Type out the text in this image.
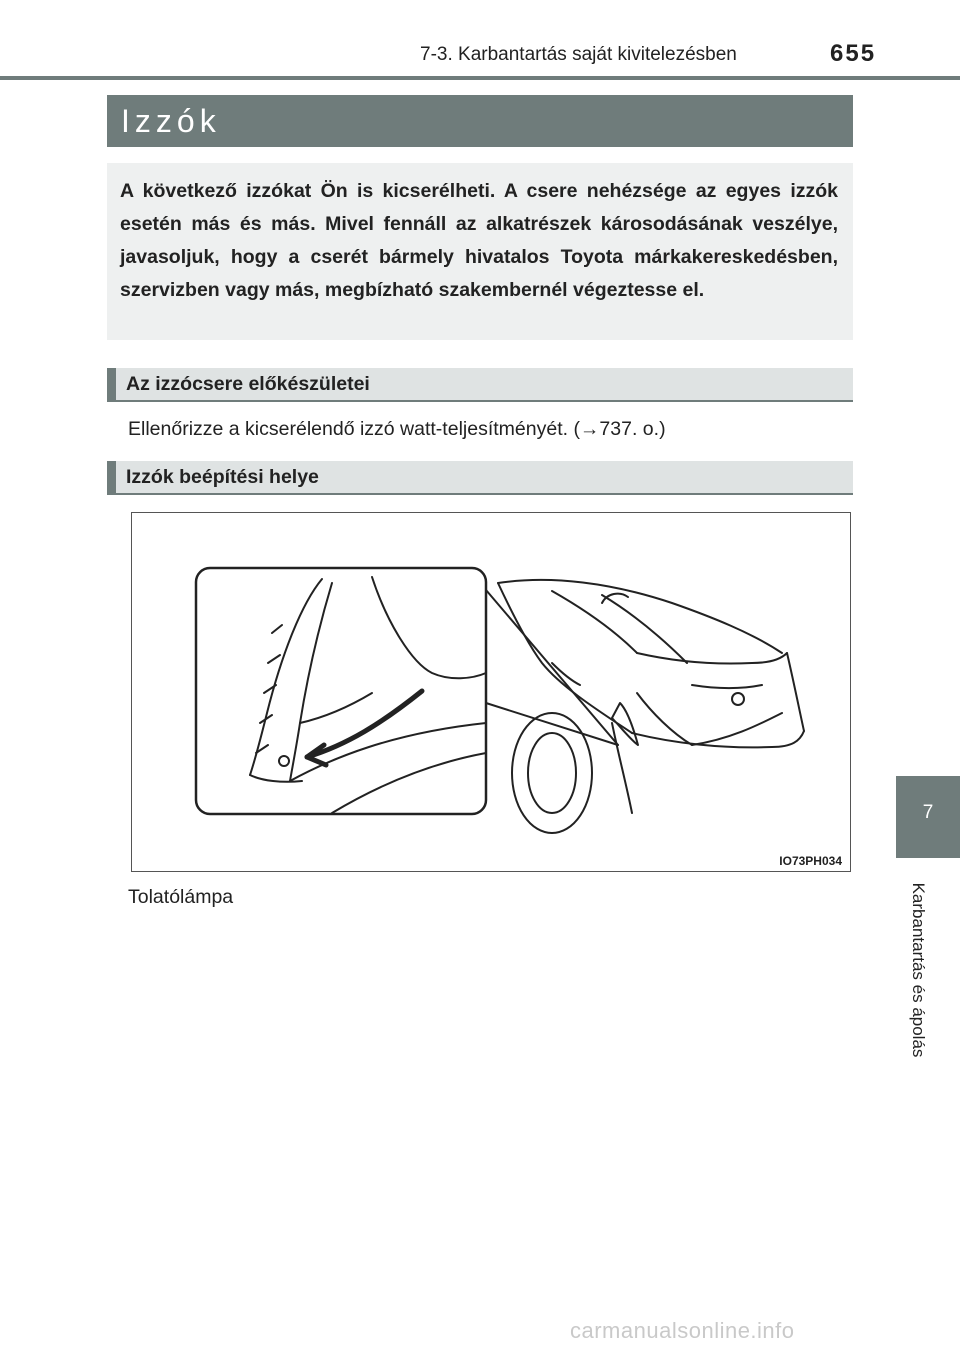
7-3. Karbantartás saját kivitelezésben	655
Izzók

A következő izzókat Ön is kicserélheti. A csere nehézsége az egyes izzók esetén más és más. Mivel fennáll az alkatrészek károsodásának veszélye, javasoljuk, hogy a cserét bármely hivatalos Toyota márkakereskedésben, szervizben vagy más, megbízható szakembernél végeztesse el.

Az izzócsere előkészületei
Ellenőrizze a kicserélendő izzó watt-teljesítményét. (→737. o.)
Izzók beépítési helye
IO73PH034
Tolatólámpa
7
Karbantartás és ápolás
carmanualsonline.info
